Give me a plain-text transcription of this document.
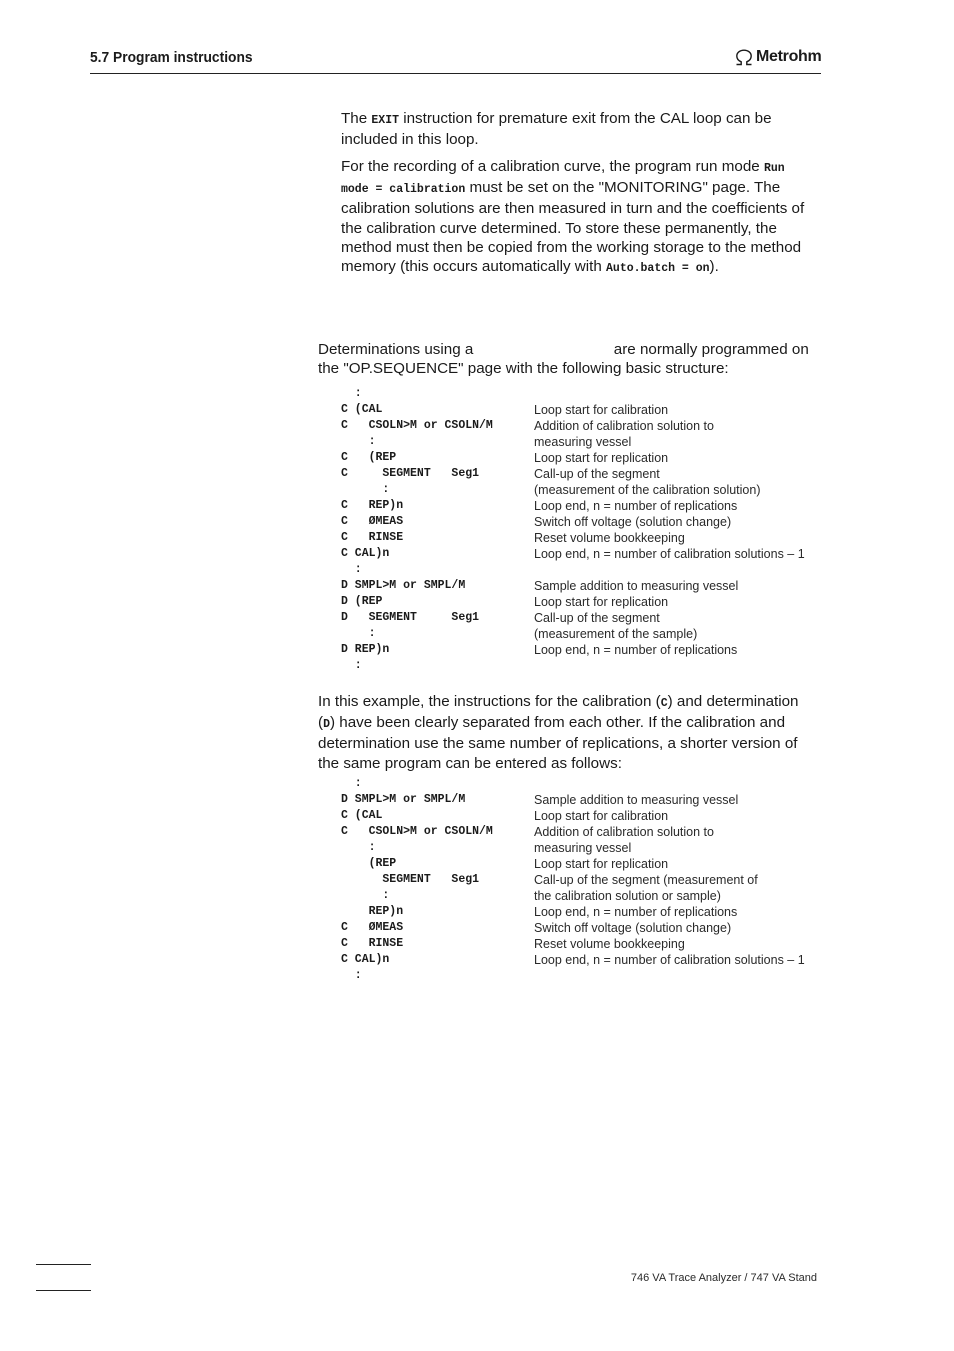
5.7 Program instructions	Metrohm
The EXIT instruction for premature exit from the CAL loop can be included in this loop.
For the recording of a calibration curve, the program run mode Run mode = calibration must be set on the "MONITORING" page. The calibration solutions are then measured in turn and the coefficients of the calibration curve determined. To store these permanently, the method must then be copied from the working storage to the method memory (this occurs automatically with Auto.batch = on).
Determinations using a	are normally programmed on the "OP.SEQUENCE" page with the following basic structure:
:
C (CAL	Loop start for calibration
C   CSOLN>M or CSOLN/M	Addition of calibration solution to
:	measuring vessel
C   (REP	Loop start for replication
C     SEGMENT   Seg1	Call-up of the segment
:	(measurement of the calibration solution)
C   REP)n	Loop end, n = number of replications
C   ØMEAS	Switch off voltage (solution change)
C   RINSE	Reset volume bookkeeping
C CAL)n	Loop end, n = number of calibration solutions – 1
:
D SMPL>M or SMPL/M	Sample addition to measuring vessel
D (REP	Loop start for replication
D   SEGMENT     Seg1	Call-up of the segment
:	(measurement of the sample)
D REP)n	Loop end, n = number of replications
:
In this example, the instructions for the calibration (C) and determination (D) have been clearly separated from each other. If the calibration and determination use the same number of replications, a shorter version of the same program can be entered as follows:
:
D SMPL>M or SMPL/M	Sample addition to measuring vessel
C (CAL	Loop start for calibration
C   CSOLN>M or CSOLN/M	Addition of calibration solution to
:	measuring vessel
(REP	Loop start for replication
SEGMENT   Seg1	Call-up of the segment (measurement of
:	the calibration solution or sample)
REP)n	Loop end, n = number of replications
C   ØMEAS	Switch off voltage (solution change)
C   RINSE	Reset volume bookkeeping
C CAL)n	Loop end, n = number of calibration solutions – 1
:
746 VA Trace Analyzer / 747 VA Stand
